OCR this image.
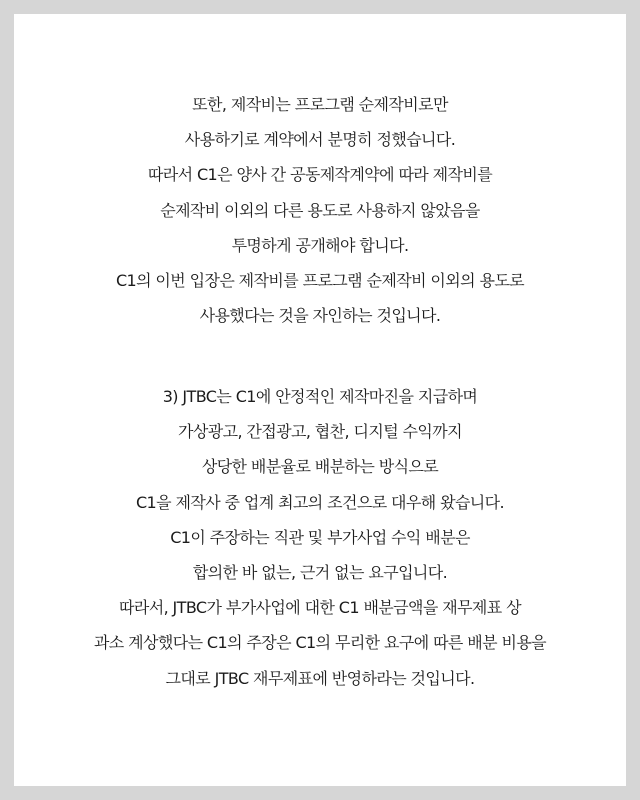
또한, 제작비는 프로그램 순제작비로만
사용하기로 계약에서 분명히 정했습니다.
따라서 C1은 양사 간 공동제작계약에 따라 제작비를
순제작비 이외의 다른 용도로 사용하지 않았음을
투명하게 공개해야 합니다.
C1의 이번 입장은 제작비를 프로그램 순제작비 이외의 용도로
사용했다는 것을 자인하는 것입니다.
3) JTBC는 C1에 안정적인 제작마진을 지급하며
가상광고, 간접광고, 협찬, 디지털 수익까지
상당한 배분율로 배분하는 방식으로
C1을 제작사 중 업계 최고의 조건으로 대우해 왔습니다.
C1이 주장하는 직관 및 부가사업 수익 배분은
합의한 바 없는, 근거 없는 요구입니다.
따라서, JTBC가 부가사업에 대한 C1 배분금액을 재무제표 상
과소 계상했다는 C1의 주장은 C1의 무리한 요구에 따른 배분 비용을
그대로 JTBC 재무제표에 반영하라는 것입니다.
